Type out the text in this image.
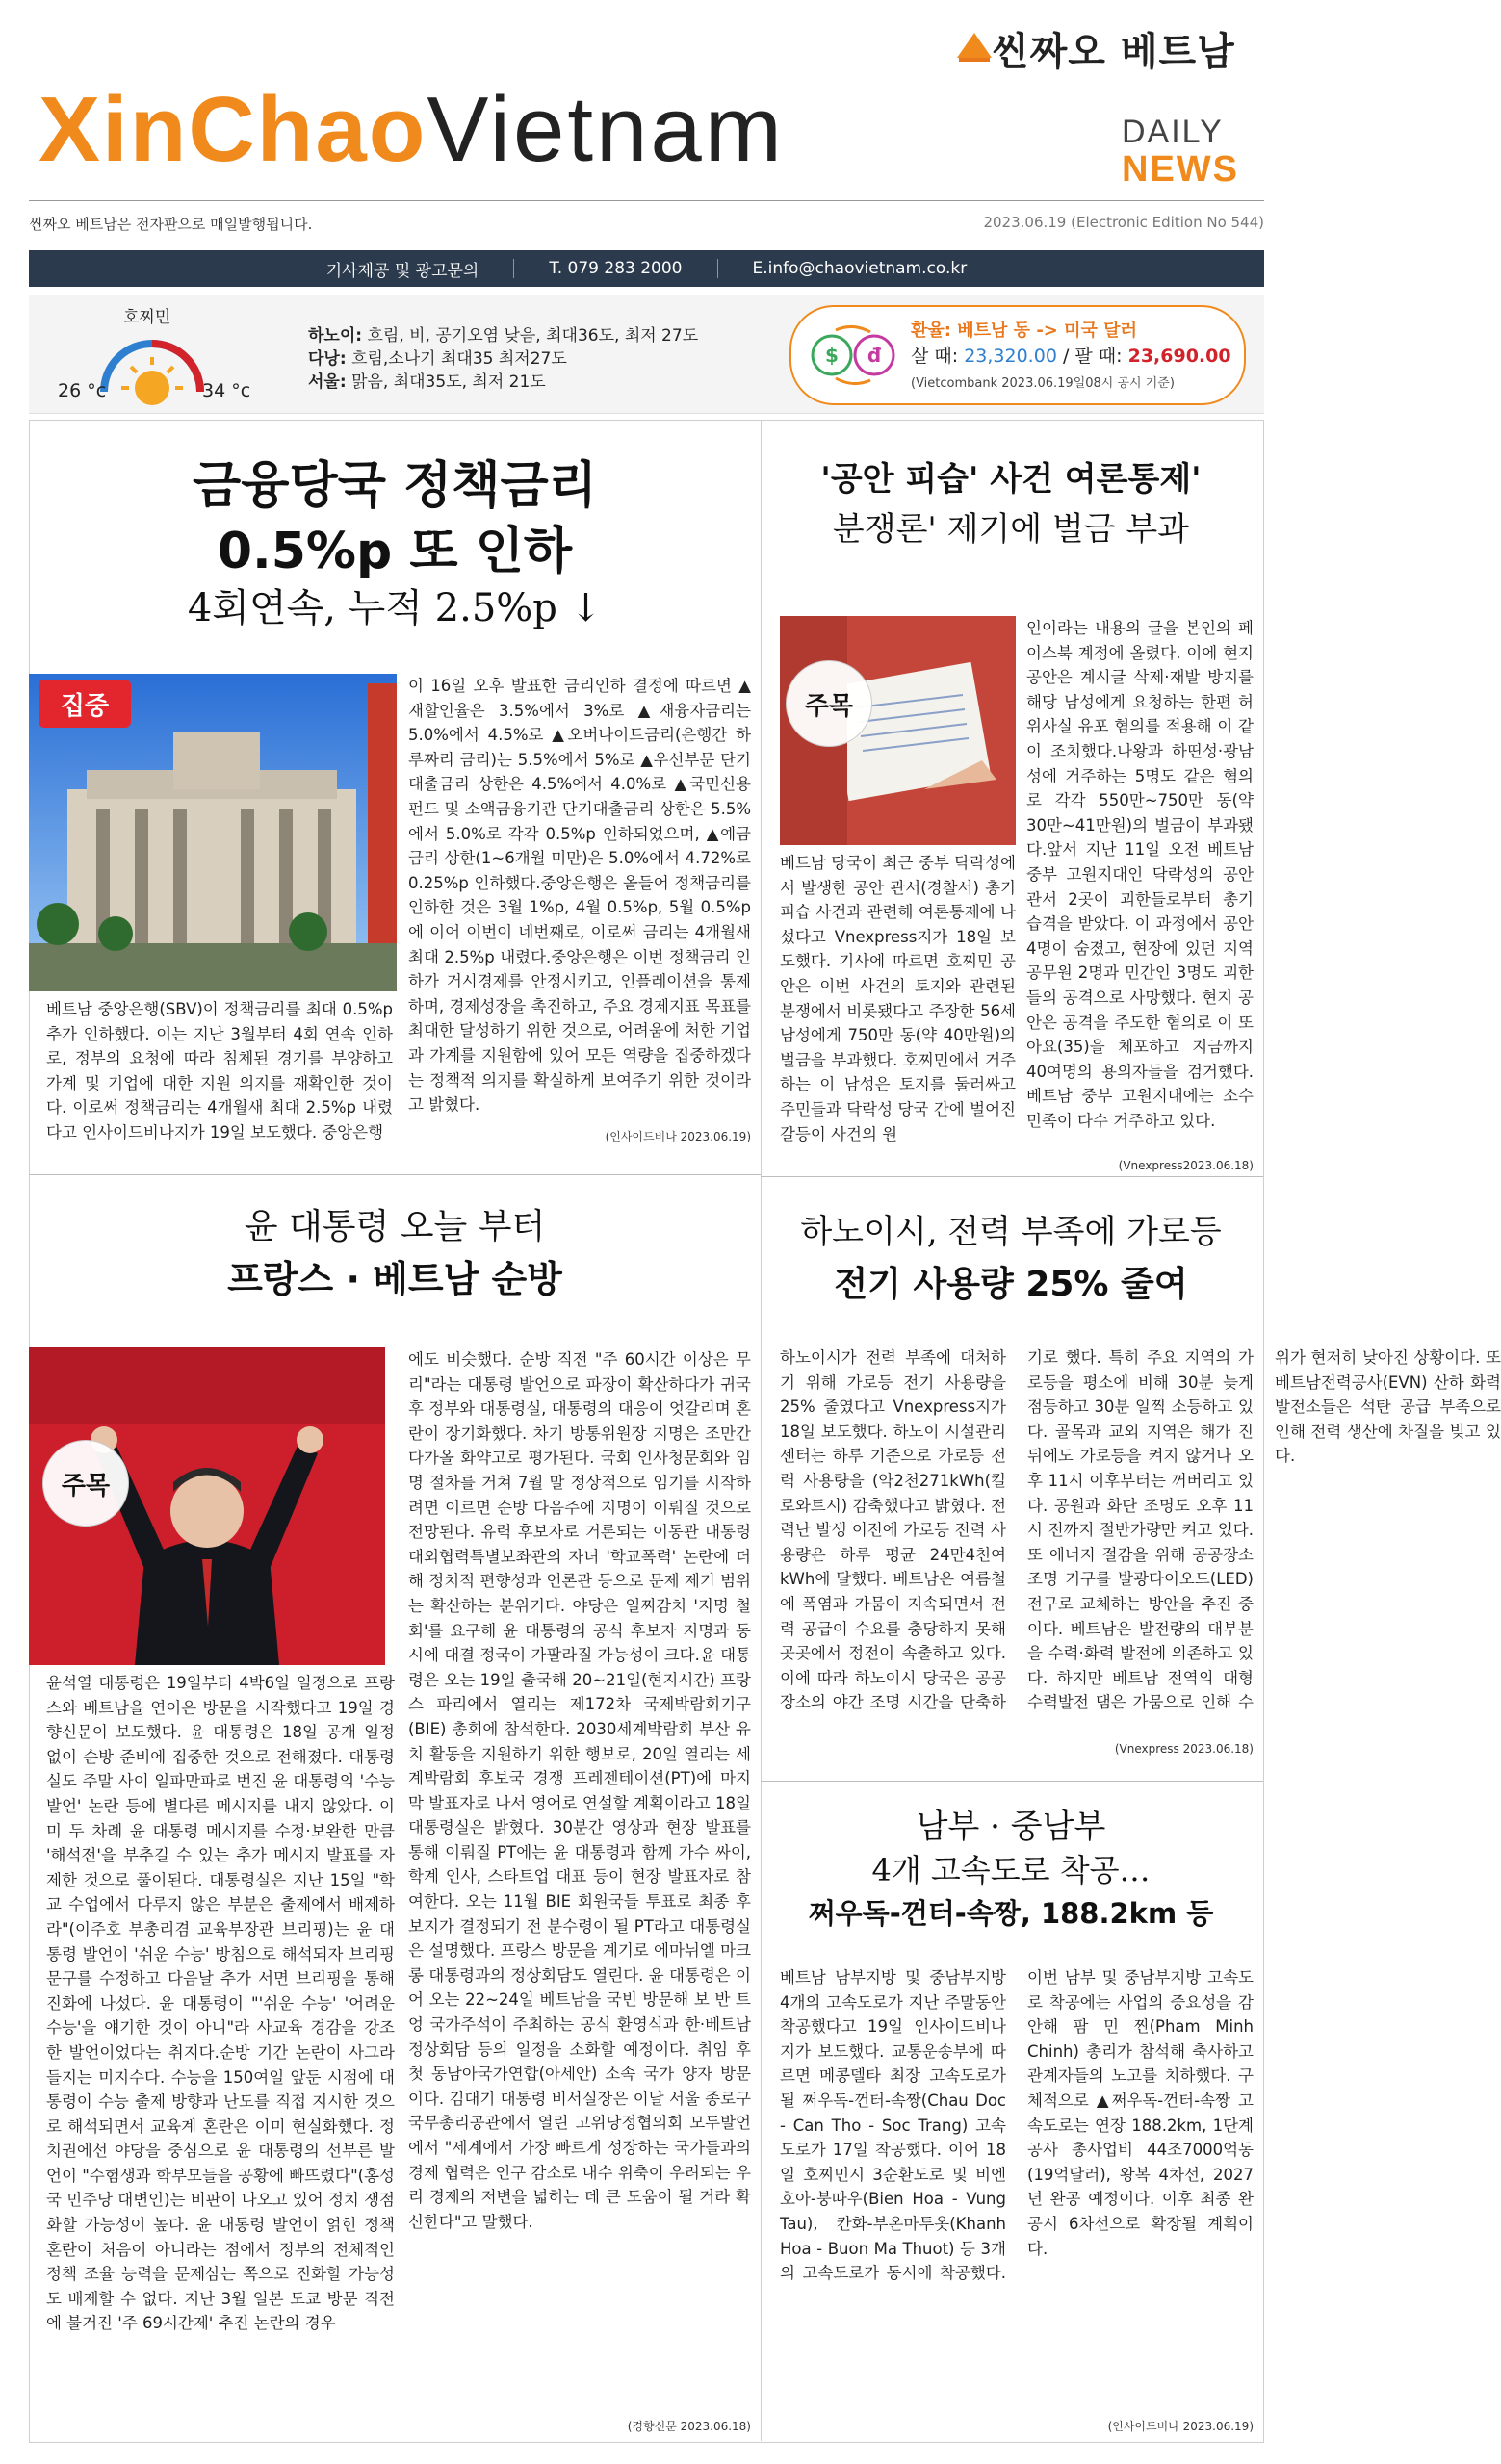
씬짜오 베트남
XinChaoVietnam	DAILY
NEWS
씬짜오 베트남은 전자판으로 매일발행됩니다.	2023.06.19 (Electronic Edition No 544)
기사제공 및 광고문의	T. 079 283 2000	E.info@chaovietnam.co.kr
호찌민
26 °c	34 °c
하노이: 흐림, 비, 공기오염 낮음, 최대36도, 최저 27도
다낭: 흐림,소나기 최대35 최저27도
서울: 맑음, 최대35도, 최저 21도
$ đ
환율: 베트남 동 -> 미국 달러
살 때: 23,320.00 / 팔 때: 23,690.00
(Vietcombank 2023.06.19일08시 공시 기준)
금융당국 정책금리
0.5%p 또 인하
4회연속, 누적 2.5%p ↓
집중
베트남 중앙은행(SBV)이 정책금리를 최대 0.5%p 추가 인하했다. 이는 지난 3월부터 4회 연속 인하로, 정부의 요청에 따라 침체된 경기를 부양하고 가계 및 기업에 대한 지원 의지를 재확인한 것이다. 이로써 정책금리는 4개월새 최대 2.5%p 내렸다고 인사이드비나지가 19일 보도했다. 중앙은행
이 16일 오후 발표한 금리인하 결정에 따르면 ▲재할인율은 3.5%에서 3%로 ▲재융자금리는 5.0%에서 4.5%로 ▲오버나이트금리(은행간 하루짜리 금리)는 5.5%에서 5%로 ▲우선부문 단기대출금리 상한은 4.5%에서 4.0%로 ▲국민신용펀드 및 소액금융기관 단기대출금리 상한은 5.5%에서 5.0%로 각각 0.5%p 인하되었으며, ▲예금금리 상한(1~6개월 미만)은 5.0%에서 4.72%로 0.25%p 인하했다.중앙은행은 올들어 정책금리를 인하한 것은 3월 1%p, 4월 0.5%p, 5월 0.5%p에 이어 이번이 네번째로, 이로써 금리는 4개월새 최대 2.5%p 내렸다.중앙은행은 이번 정책금리 인하가 거시경제를 안정시키고, 인플레이션을 통제하며, 경제성장을 촉진하고, 주요 경제지표 목표를 최대한 달성하기 위한 것으로, 어려움에 처한 기업과 가계를 지원함에 있어 모든 역량을 집중하겠다는 정책적 의지를 확실하게 보여주기 위한 것이라고 밝혔다.
(인사이드비나 2023.06.19)
'공안 피습' 사건 여론통제'
분쟁론' 제기에 벌금 부과
주목
베트남 당국이 최근 중부 닥락성에서 발생한 공안 관서(경찰서) 총기 피습 사건과 관련해 여론통제에 나섰다고 Vnexpress지가 18일 보도했다. 기사에 따르면 호찌민 공안은 이번 사건의 토지와 관련된 분쟁에서 비롯됐다고 주장한 56세 남성에게 750만 동(약 40만원)의 벌금을 부과했다. 호찌민에서 거주하는 이 남성은 토지를 둘러싸고 주민들과 닥락성 당국 간에 벌어진 갈등이 사건의 원
인이라는 내용의 글을 본인의 페이스북 계정에 올렸다. 이에 현지 공안은 계시글 삭제·재발 방지를 해당 남성에게 요청하는 한편 허위사실 유포 혐의를 적용해 이 같이 조치했다.나왕과 하띤성·광남성에 거주하는 5명도 같은 혐의로 각각 550만~750만 동(약 30만~41만원)의 벌금이 부과됐다.앞서 지난 11일 오전 베트남 중부 고원지대인 닥락성의 공안 관서 2곳이 괴한들로부터 총기 습격을 받았다. 이 과정에서 공안 4명이 숨졌고, 현장에 있던 지역 공무원 2명과 민간인 3명도 괴한들의 공격으로 사망했다. 현지 공안은 공격을 주도한 혐의로 이 또 아요(35)을 체포하고 지금까지 40여명의 용의자들을 검거했다. 베트남 중부 고원지대에는 소수민족이 다수 거주하고 있다.
(Vnexpress2023.06.18)
윤 대통령 오늘 부터
프랑스 · 베트남 순방
주목
윤석열 대통령은 19일부터 4박6일 일정으로 프랑스와 베트남을 연이은 방문을 시작했다고 19일 경향신문이 보도했다. 윤 대통령은 18일 공개 일정 없이 순방 준비에 집중한 것으로 전해졌다. 대통령실도 주말 사이 일파만파로 번진 윤 대통령의 '수능 발언' 논란 등에 별다른 메시지를 내지 않았다. 이미 두 차례 윤 대통령 메시지를 수정·보완한 만큼 '해석전'을 부추길 수 있는 추가 메시지 발표를 자제한 것으로 풀이된다. 대통령실은 지난 15일 "학교 수업에서 다루지 않은 부분은 출제에서 배제하라"(이주호 부총리겸 교육부장관 브리핑)는 윤 대통령 발언이 '쉬운 수능' 방침으로 해석되자 브리핑 문구를 수정하고 다음날 추가 서면 브리핑을 통해 진화에 나섰다. 윤 대통령이 "'쉬운 수능' '어려운 수능'을 얘기한 것이 아니"라 사교육 경감을 강조한 발언이었다는 취지다.순방 기간 논란이 사그라들지는 미지수다. 수능을 150여일 앞둔 시점에 대통령이 수능 출제 방향과 난도를 직접 지시한 것으로 해석되면서 교육계 혼란은 이미 현실화했다. 정치권에선 야당을 중심으로 윤 대통령의 선부른 발언이 "수험생과 학부모들을 공황에 빠뜨렸다"(홍성국 민주당 대변인)는 비판이 나오고 있어 정치 쟁점화할 가능성이 높다. 윤 대통령 발언이 얽힌 정책 혼란이 처음이 아니라는 점에서 정부의 전체적인 정책 조율 능력을 문제삼는 쪽으로 진화할 가능성도 배제할 수 없다. 지난 3월 일본 도쿄 방문 직전에 불거진 '주 69시간제' 추진 논란의 경우
에도 비슷했다. 순방 직전 "주 60시간 이상은 무리"라는 대통령 발언으로 파장이 확산하다가 귀국 후 정부와 대통령실, 대통령의 대응이 엇갈리며 혼란이 장기화했다. 차기 방통위원장 지명은 조만간 다가올 화약고로 평가된다. 국회 인사청문회와 임명 절차를 거쳐 7월 말 정상적으로 임기를 시작하려면 이르면 순방 다음주에 지명이 이뤄질 것으로 전망된다. 유력 후보자로 거론되는 이동관 대통령 대외협력특별보좌관의 자녀 '학교폭력' 논란에 더해 정치적 편향성과 언론관 등으로 문제 제기 범위는 확산하는 분위기다. 야당은 일찌감치 '지명 철회'를 요구해 윤 대통령의 공식 후보자 지명과 동시에 대결 정국이 가팔라질 가능성이 크다.윤 대통령은 오는 19일 출국해 20~21일(현지시간) 프랑스 파리에서 열리는 제172차 국제박람회기구(BIE) 총회에 참석한다. 2030세계박람회 부산 유치 활동을 지원하기 위한 행보로, 20일 열리는 세계박람회 후보국 경쟁 프레젠테이션(PT)에 마지막 발표자로 나서 영어로 연설할 계획이라고 18일 대통령실은 밝혔다. 30분간 영상과 현장 발표를 통해 이뤄질 PT에는 윤 대통령과 함께 가수 싸이, 학계 인사, 스타트업 대표 등이 현장 발표자로 참여한다. 오는 11월 BIE 회원국들 투표로 최종 후보지가 결정되기 전 분수령이 될 PT라고 대통령실은 설명했다. 프랑스 방문을 계기로 에마뉘엘 마크롱 대통령과의 정상회담도 열린다. 윤 대통령은 이어 오는 22~24일 베트남을 국빈 방문해 보 반 트엉 국가주석이 주최하는 공식 환영식과 한·베트남 정상회담 등의 일정을 소화할 예정이다. 취임 후 첫 동남아국가연합(아세안) 소속 국가 양자 방문이다. 김대기 대통령 비서실장은 이날 서울 종로구 국무총리공관에서 열린 고위당정협의회 모두발언에서 "세계에서 가장 빠르게 성장하는 국가들과의 경제 협력은 인구 감소로 내수 위축이 우려되는 우리 경제의 저변을 넓히는 데 큰 도움이 될 거라 확신한다"고 말했다.
(경향신문 2023.06.18)
하노이시, 전력 부족에 가로등
전기 사용량 25% 줄여
하노이시가 전력 부족에 대처하기 위해 가로등 전기 사용량을 25% 줄였다고 Vnexpress지가 18일 보도했다. 하노이 시설관리센터는 하루 기준으로 가로등 전력 사용량을 (약2천271kWh(킬로와트시) 감축했다고 밝혔다. 전력난 발생 이전에 가로등 전력 사용량은 하루 평균 24만4천여 kWh에 달했다. 베트남은 여름철에 폭염과 가뭄이 지속되면서 전력 공급이 수요를 충당하지 못해 곳곳에서 정전이 속출하고 있다. 이에 따라 하노이시 당국은 공공장소의 야간 조명 시간을 단축하기로 했다. 특히 주요 지역의 가로등을 평소에 비해 30분 늦게 점등하고 30분 일찍 소등하고 있다. 골목과 교외 지역은 해가 진 뒤에도 가로등을 켜지 않거나 오후 11시 이후부터는 꺼버리고 있다. 공원과 화단 조명도 오후 11시 전까지 절반가량만 켜고 있다. 또 에너지 절감을 위해 공공장소 조명 기구를 발광다이오드(LED) 전구로 교체하는 방안을 추진 중이다. 베트남은 발전량의 대부분을 수력·화력 발전에 의존하고 있다. 하지만 베트남 전역의 대형 수력발전 댐은 가뭄으로 인해 수위가 현저히 낮아진 상황이다. 또 베트남전력공사(EVN) 산하 화력발전소들은 석탄 공급 부족으로 인해 전력 생산에 차질을 빚고 있다.
(Vnexpress 2023.06.18)
남부 · 중남부
4개 고속도로 착공…
쩌우독-껀터-속짱, 188.2km 등
베트남 남부지방 및 중남부지방 4개의 고속도로가 지난 주말동안 착공했다고 19일 인사이드비나지가 보도했다. 교통운송부에 따르면 메콩델타 최장 고속도로가 될 쩌우독-껀터-속짱(Chau Doc - Can Tho - Soc Trang) 고속도로가 17일 착공했다. 이어 18일 호찌민시 3순환도로 및 비엔호아-붕따우(Bien Hoa - Vung Tau), 칸화-부온마투옷(Khanh Hoa - Buon Ma Thuot) 등 3개의 고속도로가 동시에 착공했다. 이번 남부 및 중남부지방 고속도로 착공에는 사업의 중요성을 감안해 팜 민 찐(Pham Minh Chinh) 총리가 참석해 축사하고 관계자들의 노고를 치하했다. 구체적으로 ▲쩌우독-껀터-속짱 고속도로는 연장 188.2km, 1단계공사 총사업비 44조7000억동(19억달러), 왕복 4차선, 2027년 완공 예정이다. 이후 최종 완공시 6차선으로 확장될 계획이다.
(인사이드비나 2023.06.19)
